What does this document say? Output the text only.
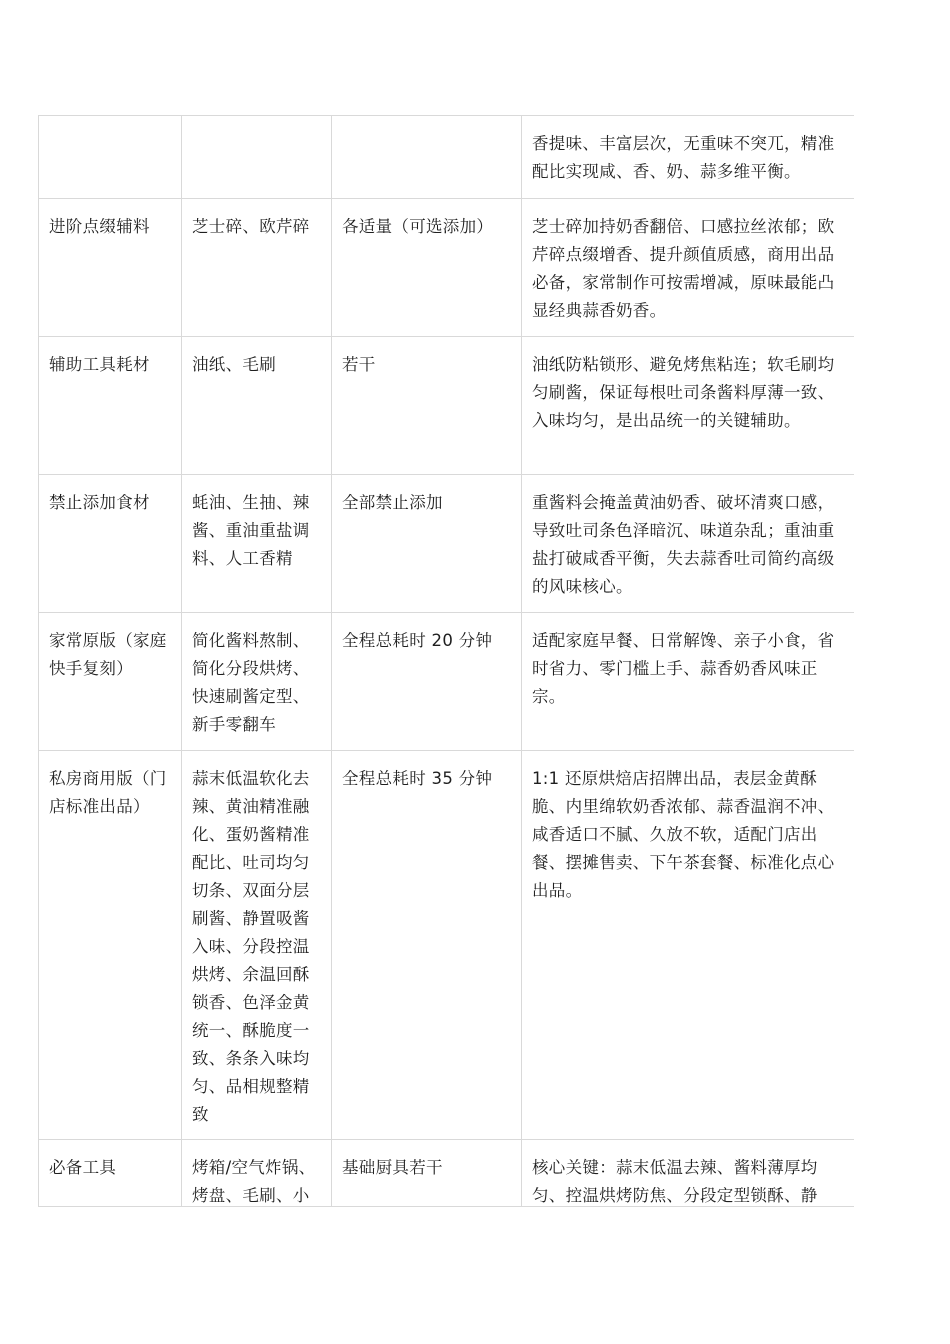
			香提味、丰富层次，无重味不突兀，精准配比实现咸、香、奶、蒜多维平衡。
进阶点缀辅料	芝士碎、欧芹碎	各适量（可选添加）	芝士碎加持奶香翻倍、口感拉丝浓郁；欧芹碎点缀增香、提升颜值质感，商用出品必备，家常制作可按需增减，原味最能凸显经典蒜香奶香。
辅助工具耗材	油纸、毛刷	若干	油纸防粘锁形、避免烤焦粘连；软毛刷均匀刷酱，保证每根吐司条酱料厚薄一致、入味均匀，是出品统一的关键辅助。
禁止添加食材	蚝油、生抽、辣酱、重油重盐调料、人工香精	全部禁止添加	重酱料会掩盖黄油奶香、破坏清爽口感，导致吐司条色泽暗沉、味道杂乱；重油重盐打破咸香平衡，失去蒜香吐司简约高级的风味核心。
家常原版（家庭快手复刻）	简化酱料熬制、简化分段烘烤、快速刷酱定型、新手零翻车	全程总耗时 20 分钟	适配家庭早餐、日常解馋、亲子小食，省时省力、零门槛上手、蒜香奶香风味正宗。
私房商用版（门店标准出品）	蒜末低温软化去辣、黄油精准融化、蛋奶酱精准配比、吐司均匀切条、双面分层刷酱、静置吸酱入味、分段控温烘烤、余温回酥锁香、色泽金黄统一、酥脆度一致、条条入味均匀、品相规整精致	全程总耗时 35 分钟	1:1 还原烘焙店招牌出品，表层金黄酥脆、内里绵软奶香浓郁、蒜香温润不冲、咸香适口不腻、久放不软，适配门店出餐、摆摊售卖、下午茶套餐、标准化点心出品。
必备工具	烤箱/空气炸锅、烤盘、毛刷、小	基础厨具若干	核心关键：蒜末低温去辣、酱料薄厚均匀、控温烘烤防焦、分段定型锁酥、静
